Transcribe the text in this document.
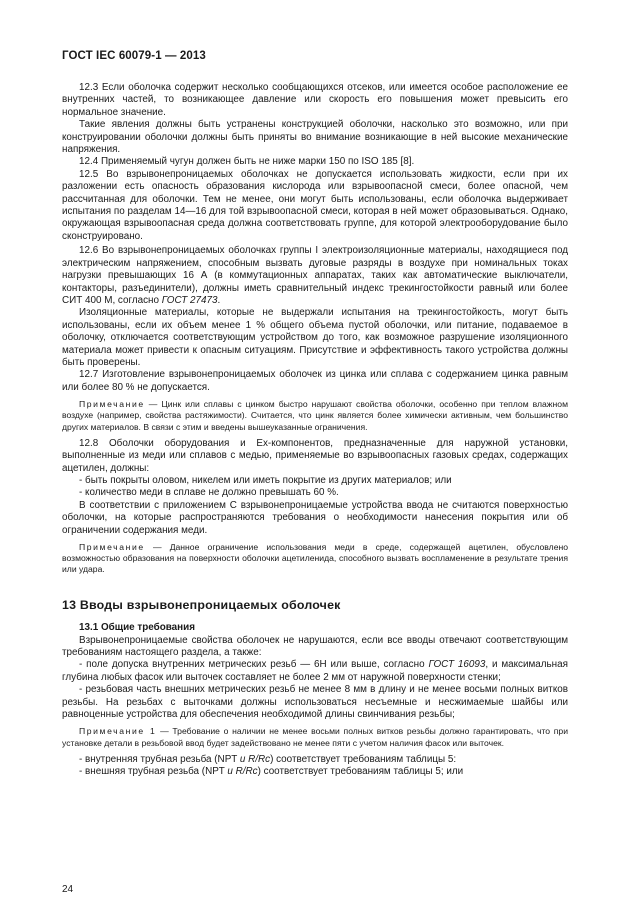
ГОСТ IEC 60079-1 — 2013

12.3 Если оболочка содержит несколько сообщающихся отсеков, или имеется особое расположение ее внутренних частей, то возникающее давление или скорость его повышения может превысить его нормальное значение.

Такие явления должны быть устранены конструкцией оболочки, насколько это возможно, или при конструировании оболочки должны быть приняты во внимание возникающие в ней высокие механические напряжения.

12.4 Применяемый чугун должен быть не ниже марки 150 по ISO 185 [8].

12.5 Во взрывонепроницаемых оболочках не допускается использовать жидкости, если при их разложении есть опасность образования кислорода или взрывоопасной смеси, более опасной, чем рассчитанная для оболочки. Тем не менее, они могут быть использованы, если оболочка выдерживает испытания по разделам 14—16 для той взрывоопасной смеси, которая в ней может образовываться. Однако, окружающая взрывоопасная среда должна соответствовать группе, для которой электрооборудование было сконструировано.

12.6 Во взрывонепроницаемых оболочках группы I электроизоляционные материалы, находящиеся под электрическим напряжением, способным вызвать дуговые разряды в воздухе при номинальных токах нагрузки превышающих 16 А (в коммутационных аппаратах, таких как автоматические выключатели, контакторы, разъединители), должны иметь сравнительный индекс трекингостойкости равный или более СИТ 400 М, согласно ГОСТ 27473.

Изоляционные материалы, которые не выдержали испытания на трекингостойкость, могут быть использованы, если их объем менее 1 % общего объема пустой оболочки, или питание, подаваемое в оболочку, отключается соответствующим устройством до того, как возможное разрушение изоляционного материала может привести к опасным ситуациям. Присутствие и эффективность такого устройства должны быть проверены.

12.7 Изготовление взрывонепроницаемых оболочек из цинка или сплава с содержанием цинка равным или более 80 % не допускается.

Примечание — Цинк или сплавы с цинком быстро нарушают свойства оболочки, особенно при теплом влажном воздухе (например, свойства растяжимости). Считается, что цинк является более химически активным, чем большинство других материалов. В связи с этим и введены вышеуказанные ограничения.

12.8 Оболочки оборудования и Ex-компонентов, предназначенные для наружной установки, выполненные из меди или сплавов с медью, применяемые во взрывоопасных газовых средах, содержащих ацетилен, должны:

- быть покрыты оловом, никелем или иметь покрытие из других материалов; или

- количество меди в сплаве не должно превышать 60 %.

В соответствии с приложением С взрывонепроницаемые устройства ввода не считаются поверхностью оболочки, на которые распространяются требования о необходимости нанесения покрытия или об ограничении содержания меди.

Примечание — Данное ограничение использования меди в среде, содержащей ацетилен, обусловлено возможностью образования на поверхности оболочки ацетиленида, способного вызвать воспламенение в результате трения или удара.

13 Вводы взрывонепроницаемых оболочек
13.1 Общие требования

Взрывонепроницаемые свойства оболочек не нарушаются, если все вводы отвечают соответствующим требованиям настоящего раздела, а также:

- поле допуска внутренних метрических резьб — 6Н или выше, согласно ГОСТ 16093, и максимальная глубина любых фасок или выточек составляет не более 2 мм от наружной поверхности стенки;

- резьбовая часть внешних метрических резьб не менее 8 мм в длину и не менее восьми полных витков резьбы. На резьбах с выточками должны использоваться несъемные и несжимаемые шайбы или равноценные устройства для обеспечения необходимой длины свинчивания резьбы;

Примечание 1 — Требование о наличии не менее восьми полных витков резьбы должно гарантировать, что при установке детали в резьбовой ввод будет задействовано не менее пяти с учетом наличия фасок или выточек.

- внутренняя трубная резьба (NPT и R/Rc) соответствует требованиям таблицы 5:

- внешняя трубная резьба (NPT и R/Rc) соответствует требованиям таблицы 5; или

24
